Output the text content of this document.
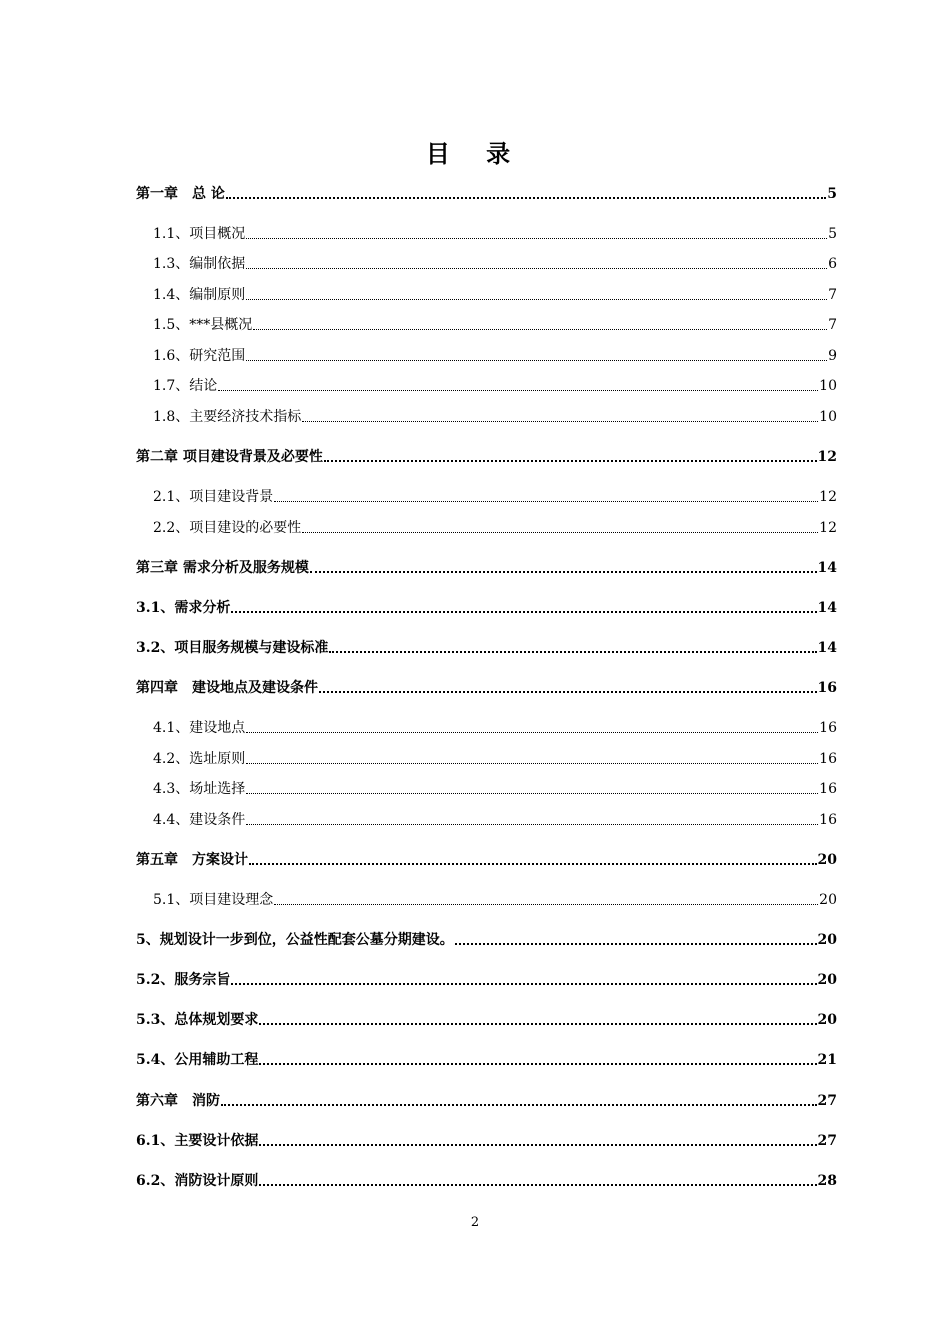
目 录
第一章　总 论	5
1.1、项目概况	5
1.3、编制依据	6
1.4、编制原则	7
1.5、***县概况	7
1.6、研究范围	9
1.7、结论	10
1.8、主要经济技术指标	10
第二章 项目建设背景及必要性	12
2.1、项目建设背景	12
2.2、项目建设的必要性	12
第三章 需求分析及服务规模	14
3.1、需求分析	14
3.2、项目服务规模与建设标准	14
第四章　建设地点及建设条件	16
4.1、建设地点	16
4.2、选址原则	16
4.3、场址选择	16
4.4、建设条件	16
第五章　方案设计	20
5.1、项目建设理念	20
5、规划设计一步到位，公益性配套公墓分期建设。	20
5.2、服务宗旨	20
5.3、总体规划要求	20
5.4、公用辅助工程	21
第六章　消防	27
6.1、主要设计依据	27
6.2、消防设计原则	28
2
